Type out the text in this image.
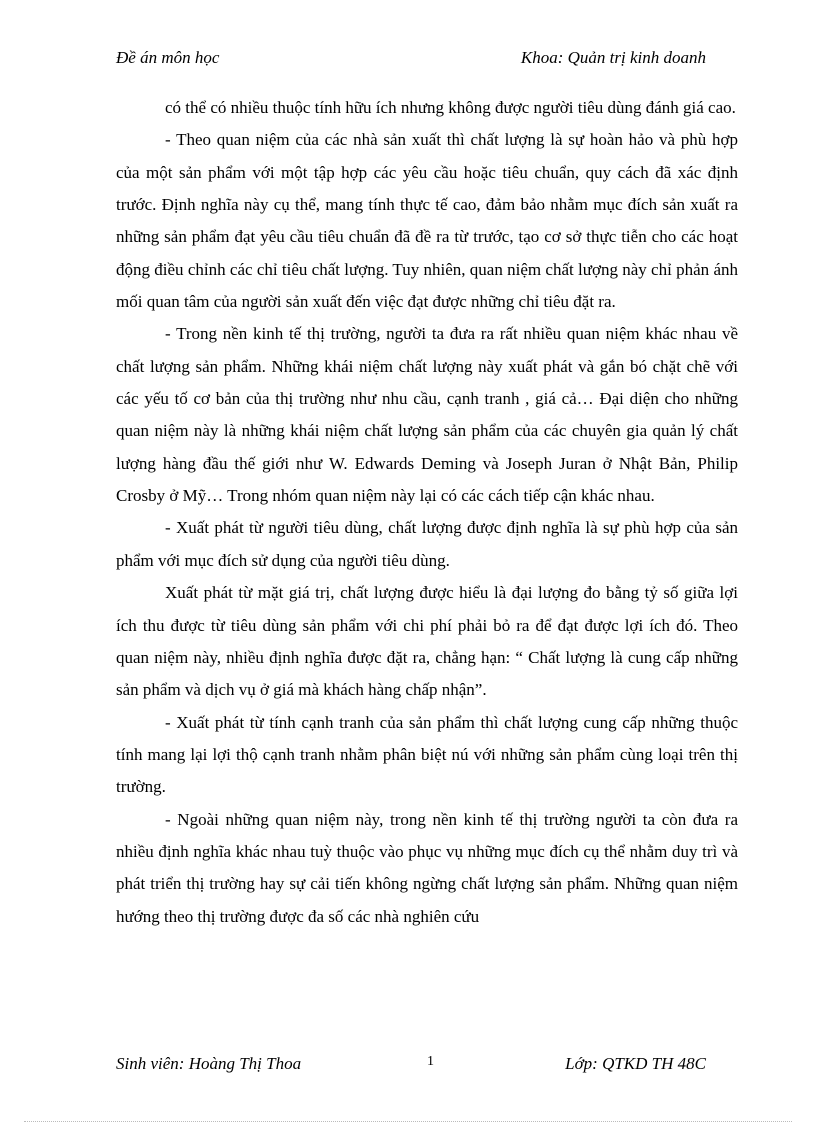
Đề án môn học	Khoa: Quản trị kinh doanh

có thể có nhiều thuộc tính hữu ích nhưng không được người tiêu dùng đánh giá cao.

- Theo quan niệm của các nhà sản xuất thì chất lượng là sự hoàn hảo và phù hợp của một sản phẩm với một tập hợp các yêu cầu hoặc tiêu chuẩn, quy cách đã xác định trước. Định nghĩa này cụ thể, mang tính thực tế cao, đảm bảo nhằm mục đích sản xuất ra những sản phẩm đạt yêu cầu tiêu chuẩn đã đề ra từ trước, tạo cơ sở thực tiễn cho các hoạt động điều chỉnh các chỉ tiêu chất lượng. Tuy nhiên, quan niệm chất lượng này chỉ phản ánh mối quan tâm của người sản xuất đến việc đạt được những chỉ tiêu đặt ra.

- Trong nền kinh tế thị trường, người ta đưa ra rất nhiều quan niệm khác nhau về chất lượng sản phẩm. Những khái niệm chất lượng này xuất phát và gắn bó chặt chẽ với các yếu tố cơ bản của thị trường như nhu cầu, cạnh tranh , giá cả… Đại diện cho những quan niệm này là những khái niệm chất lượng sản phẩm của các chuyên gia quản lý chất lượng hàng đầu thế giới như W. Edwards Deming và Joseph Juran ở Nhật Bản, Philip Crosby ở Mỹ… Trong nhóm quan niệm này lại có các cách tiếp cận khác nhau.

- Xuất phát từ người tiêu dùng, chất lượng được định nghĩa là sự phù hợp của sản phẩm với mục đích sử dụng của người tiêu dùng.

Xuất phát từ mặt giá trị, chất lượng được hiểu là đại lượng đo bằng tỷ số giữa lợi ích thu được từ tiêu dùng sản phẩm với chi phí phải bỏ ra để đạt được lợi ích đó. Theo quan niệm này, nhiều định nghĩa được đặt ra, chẳng hạn: “ Chất lượng là cung cấp những sản phẩm và dịch vụ ở giá mà khách hàng chấp nhận”.

- Xuất phát từ tính cạnh tranh của sản phẩm thì chất lượng cung cấp những thuộc tính mang lại lợi thộ cạnh tranh nhằm phân biệt nú với những sản phẩm cùng loại trên thị trường.

- Ngoài những quan niệm này, trong nền kinh tế thị trường người ta còn đưa ra nhiều định nghĩa khác nhau tuỳ thuộc vào phục vụ những mục đích cụ thể nhằm duy trì và phát triển thị trường hay sự cải tiến không ngừng chất lượng sản phẩm. Những quan niệm hướng theo thị trường được đa số các nhà nghiên cứu

Sinh viên: Hoàng Thị Thoa	1	Lớp: QTKD TH 48C
